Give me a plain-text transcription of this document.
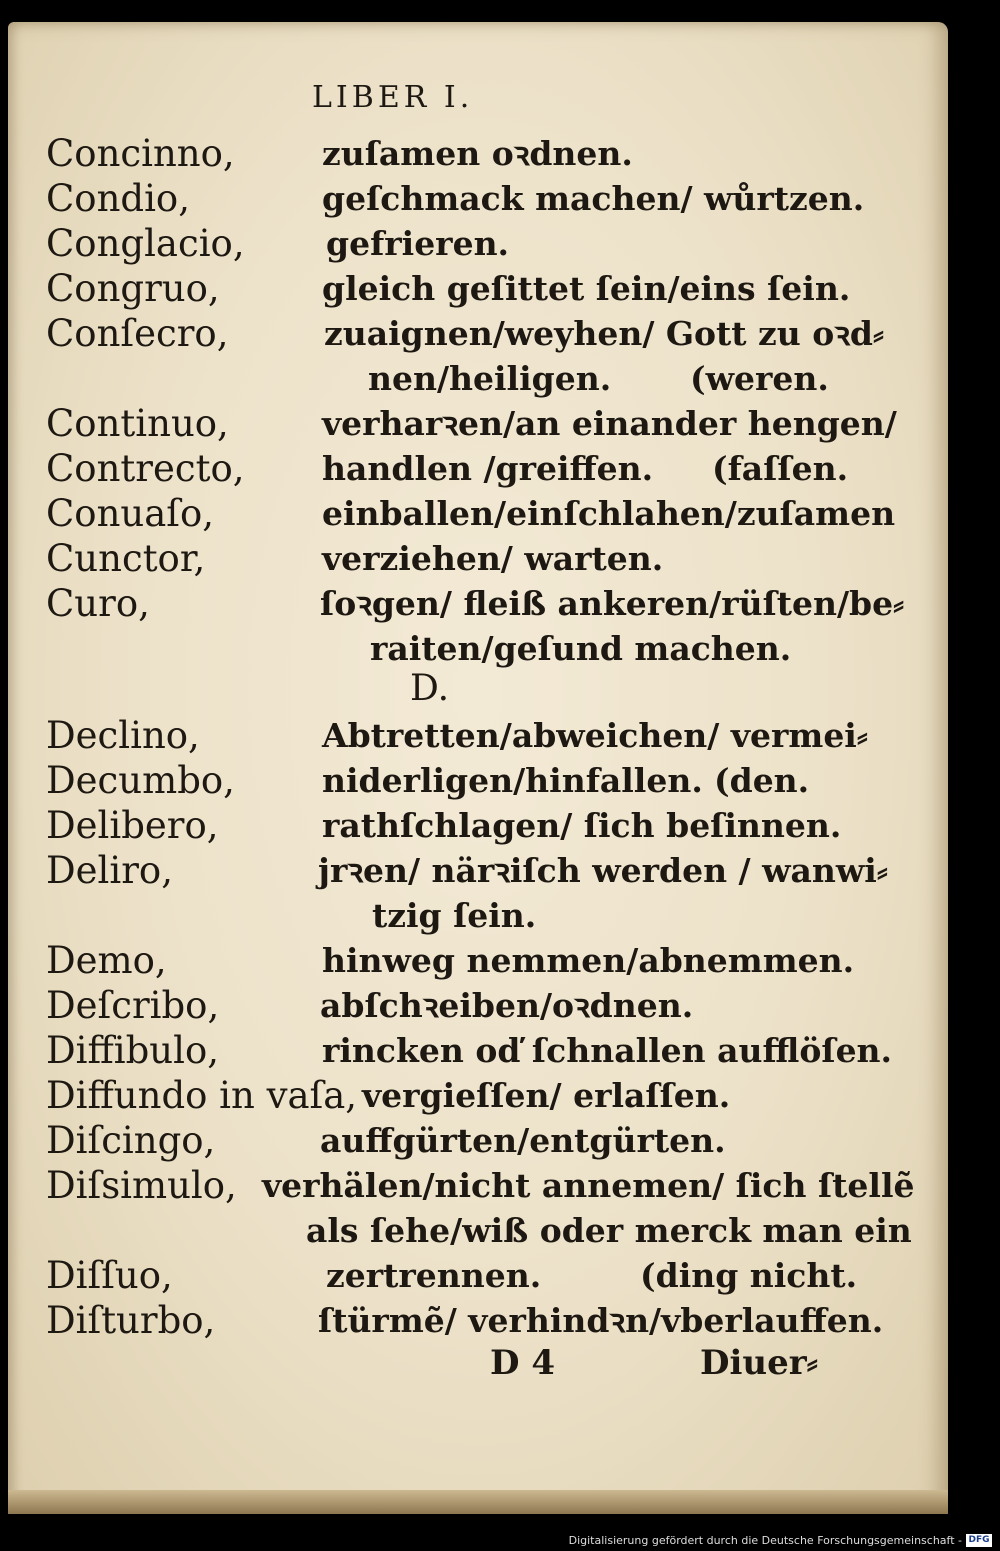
LIBER I.
Concinno,	zuſamen oꝛdnen.
Condio,	geſchmack machen/ wůrtzen.
Conglacio, gefrieren.
Congruo,	gleich geſittet ſein/eins ſein.
Conſecro,	zuaignen/weyhen/ Gott zu oꝛd⸗
nen/heiligen. (weren.
Continuo,	verharꝛen/an einander hengen/
Contrecto, handlen /greiffen. (faſſen.
Conuaſo,	einballen/einſchlahen/zuſamen
Cunctor,	verziehen/ warten.
Curo,	ſoꝛgen/ fleiß ankeren/rüſten/be⸗
raiten/geſund machen.
D.
Declino,	Abtretten/abweichen/ vermei⸗
Decumbo,	niderligen/hinfallen. (den.
Delibero,	rathſchlagen/ ſich beſinnen.
Deliro,	jrꝛen/ närꝛiſch werden / wanwi⸗
tzig ſein.
Demo,	hinweg nemmen/abnemmen.
Deſcribo,	abſchꝛeiben/oꝛdnen.
Diffibulo,	rincken oď ſchnallen aufflöſen.
Diffundo in vaſa, vergieſſen/ erlaſſen.
Diſcingo,	auffgürten/entgürten.
Diſsimulo, verhälen/nicht annemen/ ſich ſtellẽ
als ſehe/wiß oder merck man ein
Diſſuo,	zertrennen.	(ding nicht.
Diſturbo,	ſtürmẽ/ verhindꝛn/vberlauffen.
D 4	Diuer⸗
Digitalisierung gefördert durch die Deutsche Forschungsgemeinschaft - DFG
